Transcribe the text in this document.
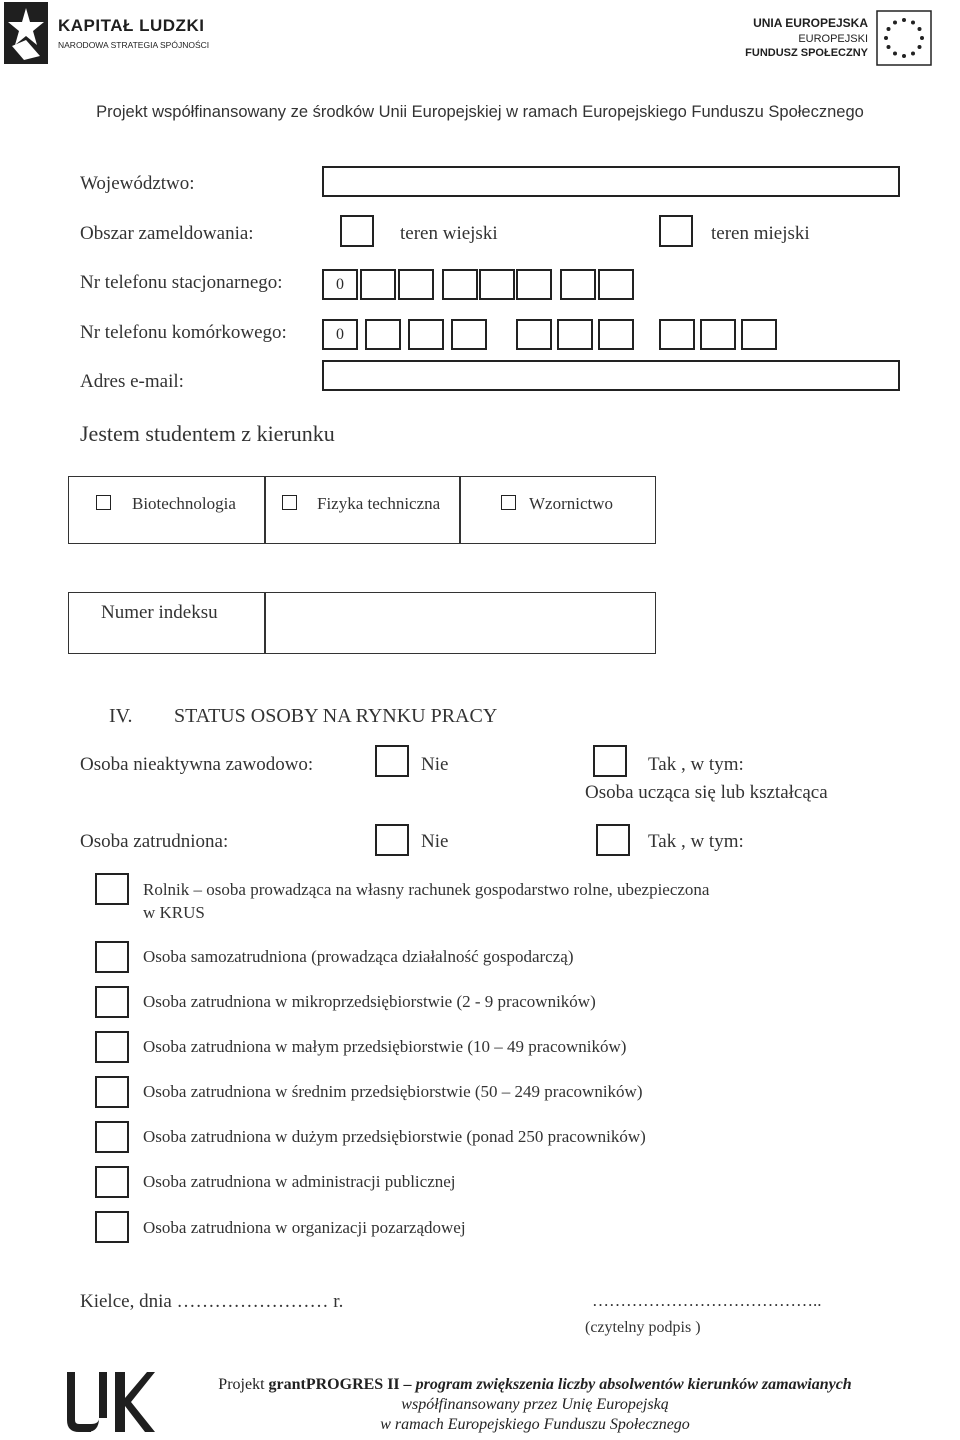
KAPITAŁ LUDZKI
NARODOWA STRATEGIA SPÓJNOŚCI
UNIA EUROPEJSKA
EUROPEJSKI
FUNDUSZ SPOŁECZNY
Projekt współfinansowany ze środków Unii Europejskiej w ramach Europejskiego Funduszu Społecznego
Województwo:
Obszar zameldowania:	teren wiejski	teren miejski
Nr telefonu stacjonarnego:	0
Nr telefonu komórkowego:	0
Adres e-mail:
Jestem studentem z kierunku
Biotechnologia	Fizyka techniczna	Wzornictwo
Numer indeksu
IV. STATUS OSOBY NA RYNKU PRACY
Osoba nieaktywna zawodowo:	Nie	Tak , w tym:
Osoba ucząca się lub kształcąca
Osoba zatrudniona:	Nie	Tak , w tym:
Rolnik – osoba prowadząca na własny rachunek gospodarstwo rolne, ubezpieczona
w KRUS
Osoba samozatrudniona (prowadząca działalność gospodarczą)
Osoba zatrudniona w mikroprzedsiębiorstwie (2 - 9 pracowników)
Osoba zatrudniona w małym przedsiębiorstwie (10 – 49 pracowników)
Osoba zatrudniona w średnim przedsiębiorstwie (50 – 249 pracowników)
Osoba zatrudniona w dużym przedsiębiorstwie (ponad 250 pracowników)
Osoba zatrudniona w administracji publicznej
Osoba zatrudniona w organizacji pozarządowej
Kielce, dnia …………………… r.	…………………………………..
(czytelny podpis )
Projekt grantPROGRES II – program zwiększenia liczby absolwentów kierunków zamawianych
współfinansowany przez Unię Europejską
w ramach Europejskiego Funduszu Społecznego
